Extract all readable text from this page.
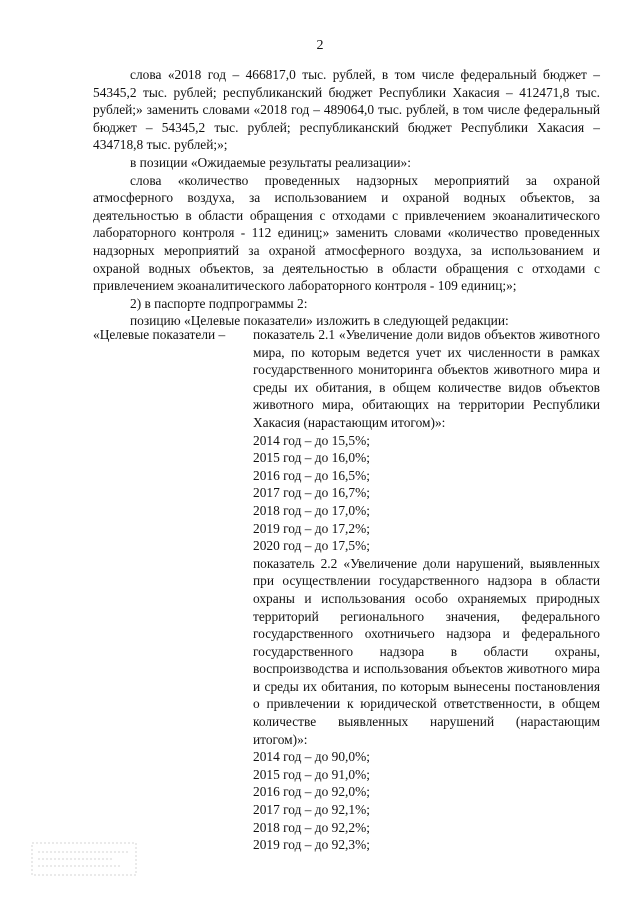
2

слова «2018 год – 466817,0 тыс. рублей, в том числе федеральный бюджет – 54345,2 тыс. рублей; республиканский бюджет Республики Хакасия – 412471,8 тыс. рублей;» заменить словами «2018 год – 489064,0 тыс. рублей, в том числе федеральный бюджет – 54345,2 тыс. рублей; республиканский бюджет Республики Хакасия – 434718,8 тыс. рублей;»;

в позиции «Ожидаемые результаты реализации»:

слова «количество проведенных надзорных мероприятий за охраной атмосферного воздуха, за использованием и охраной водных объектов, за деятельностью в области обращения с отходами с привлечением экоаналитического лабораторного контроля - 112 единиц;» заменить словами «количество проведенных надзорных мероприятий за охраной атмосферного воздуха, за использованием и охраной водных объектов, за деятельностью в области обращения с отходами с привлечением экоаналитического лабораторного контроля - 109 единиц;»;

2) в паспорте подпрограммы 2:

позицию «Целевые показатели» изложить в следующей редакции:

«Целевые показатели –	показатель 2.1 «Увеличение доли видов объектов животного мира, по которым ведется учет их численности в рамках государственного мониторинга объектов животного мира и среды их обитания, в общем количестве видов объектов животного мира, обитающих на территории Республики Хакасия (нарастающим итогом)»:

2014 год – до 15,5%;

2015 год – до 16,0%;

2016 год – до 16,5%;

2017 год – до 16,7%;

2018 год – до 17,0%;

2019 год – до 17,2%;

2020 год – до 17,5%;

показатель 2.2 «Увеличение доли нарушений, выявленных при осуществлении государственного надзора в области охраны и использования особо охраняемых природных территорий регионального значения, федерального государственного охотничьего надзора и федерального государственного надзора в области охраны, воспроизводства и использования объектов животного мира и среды их обитания, по которым вынесены постановления о привлечении к юридической ответственности, в общем количестве выявленных нарушений (нарастающим итогом)»:

2014 год – до 90,0%;

2015 год – до 91,0%;

2016 год – до 92,0%;

2017 год – до 92,1%;

2018 год – до 92,2%;

2019 год – до 92,3%;
